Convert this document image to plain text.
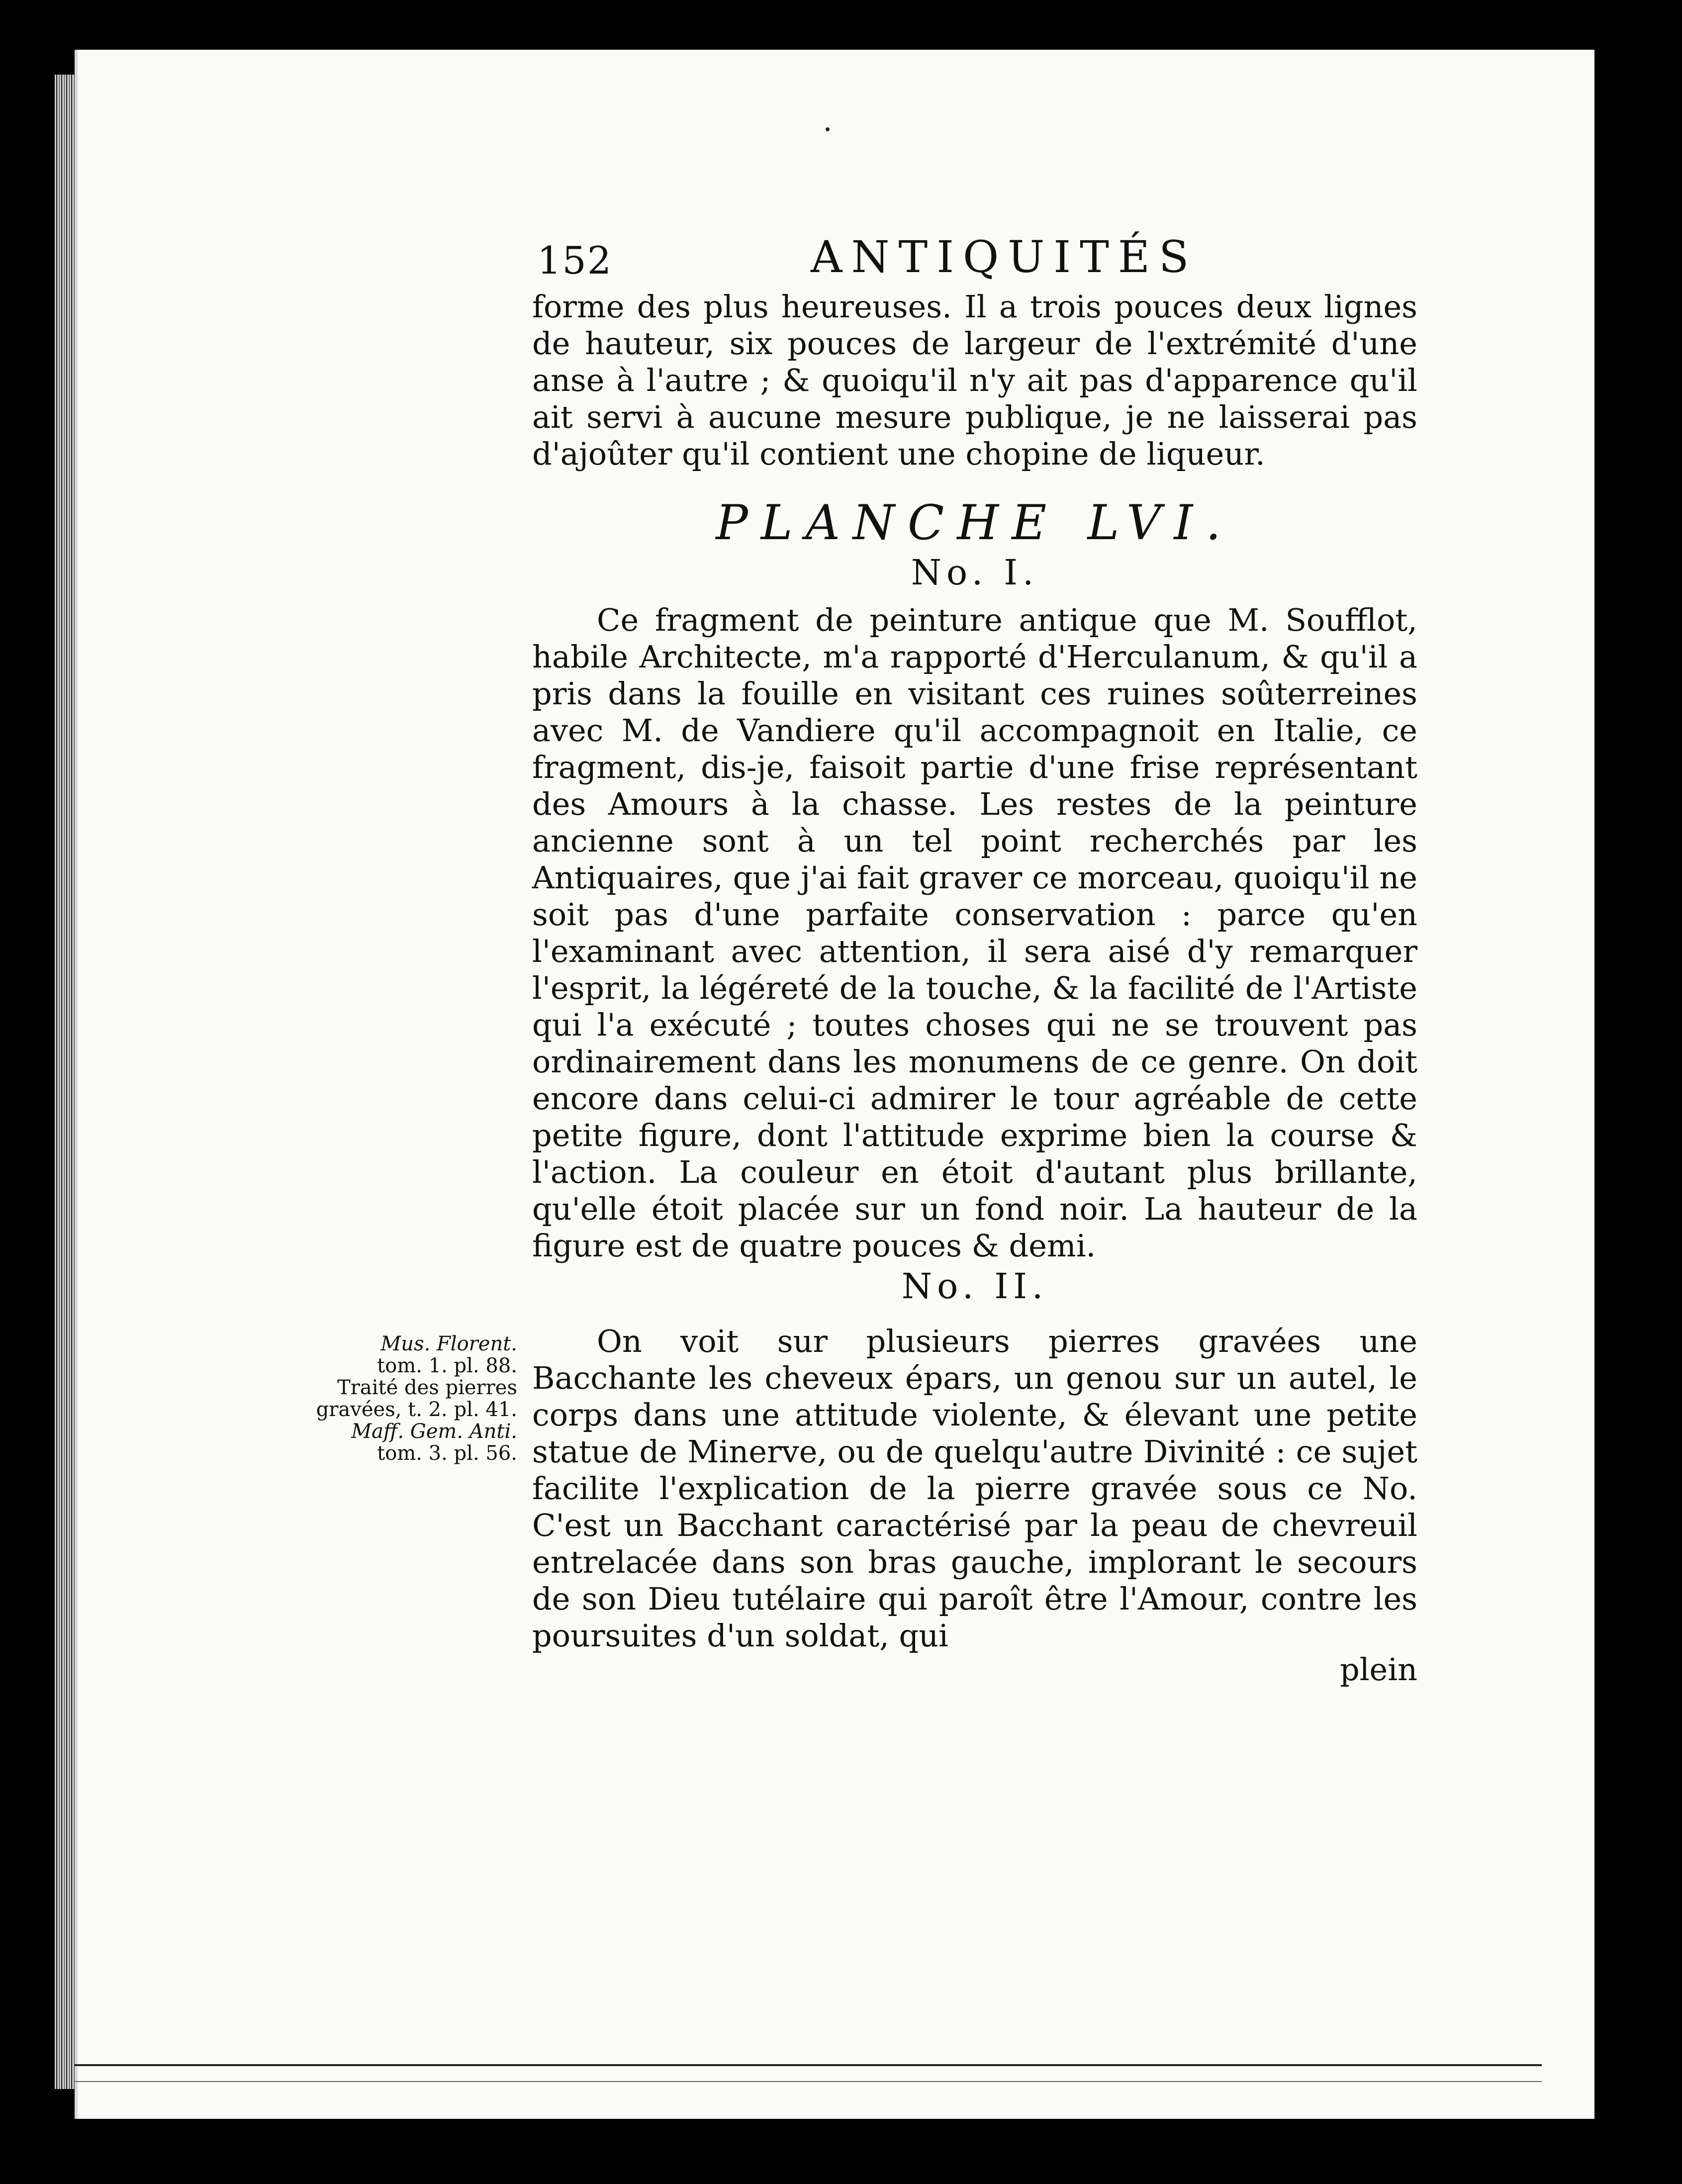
152	ANTIQUITÉS

forme des plus heureuses. Il a trois pouces deux lignes de hauteur, six pouces de largeur de l'extrémité d'une anse à l'autre ; & quoiqu'il n'y ait pas d'apparence qu'il ait servi à aucune mesure publique, je ne laisserai pas d'ajoûter qu'il contient une chopine de liqueur.

PLANCHE LVI.
No. I.

Ce fragment de peinture antique que M. Soufflot, habile Architecte, m'a rapporté d'Herculanum, & qu'il a pris dans la fouille en visitant ces ruines soûterreines avec M. de Vandiere qu'il accompagnoit en Italie, ce fragment, dis-je, faisoit partie d'une frise représentant des Amours à la chasse. Les restes de la peinture ancienne sont à un tel point recherchés par les Antiquaires, que j'ai fait graver ce morceau, quoiqu'il ne soit pas d'une parfaite conservation : parce qu'en l'examinant avec attention, il sera aisé d'y remarquer l'esprit, la légéreté de la touche, & la facilité de l'Artiste qui l'a exécuté ; toutes choses qui ne se trouvent pas ordinairement dans les monumens de ce genre. On doit encore dans celui-ci admirer le tour agréable de cette petite figure, dont l'attitude exprime bien la course & l'action. La couleur en étoit d'autant plus brillante, qu'elle étoit placée sur un fond noir. La hauteur de la figure est de quatre pouces & demi.

No. II.
Mus. Florent.
tom. 1. pl. 88.
Traité des pierres
gravées, t. 2. pl. 41.
Maff. Gem. Anti.
tom. 3. pl. 56.

On voit sur plusieurs pierres gravées une Bacchante les cheveux épars, un genou sur un autel, le corps dans une attitude violente, & élevant une petite statue de Minerve, ou de quelqu'autre Divinité : ce sujet facilite l'explication de la pierre gravée sous ce No. C'est un Bacchant caractérisé par la peau de chevreuil entrelacée dans son bras gauche, implorant le secours de son Dieu tutélaire qui paroît être l'Amour, contre les poursuites d'un soldat, qui

plein
